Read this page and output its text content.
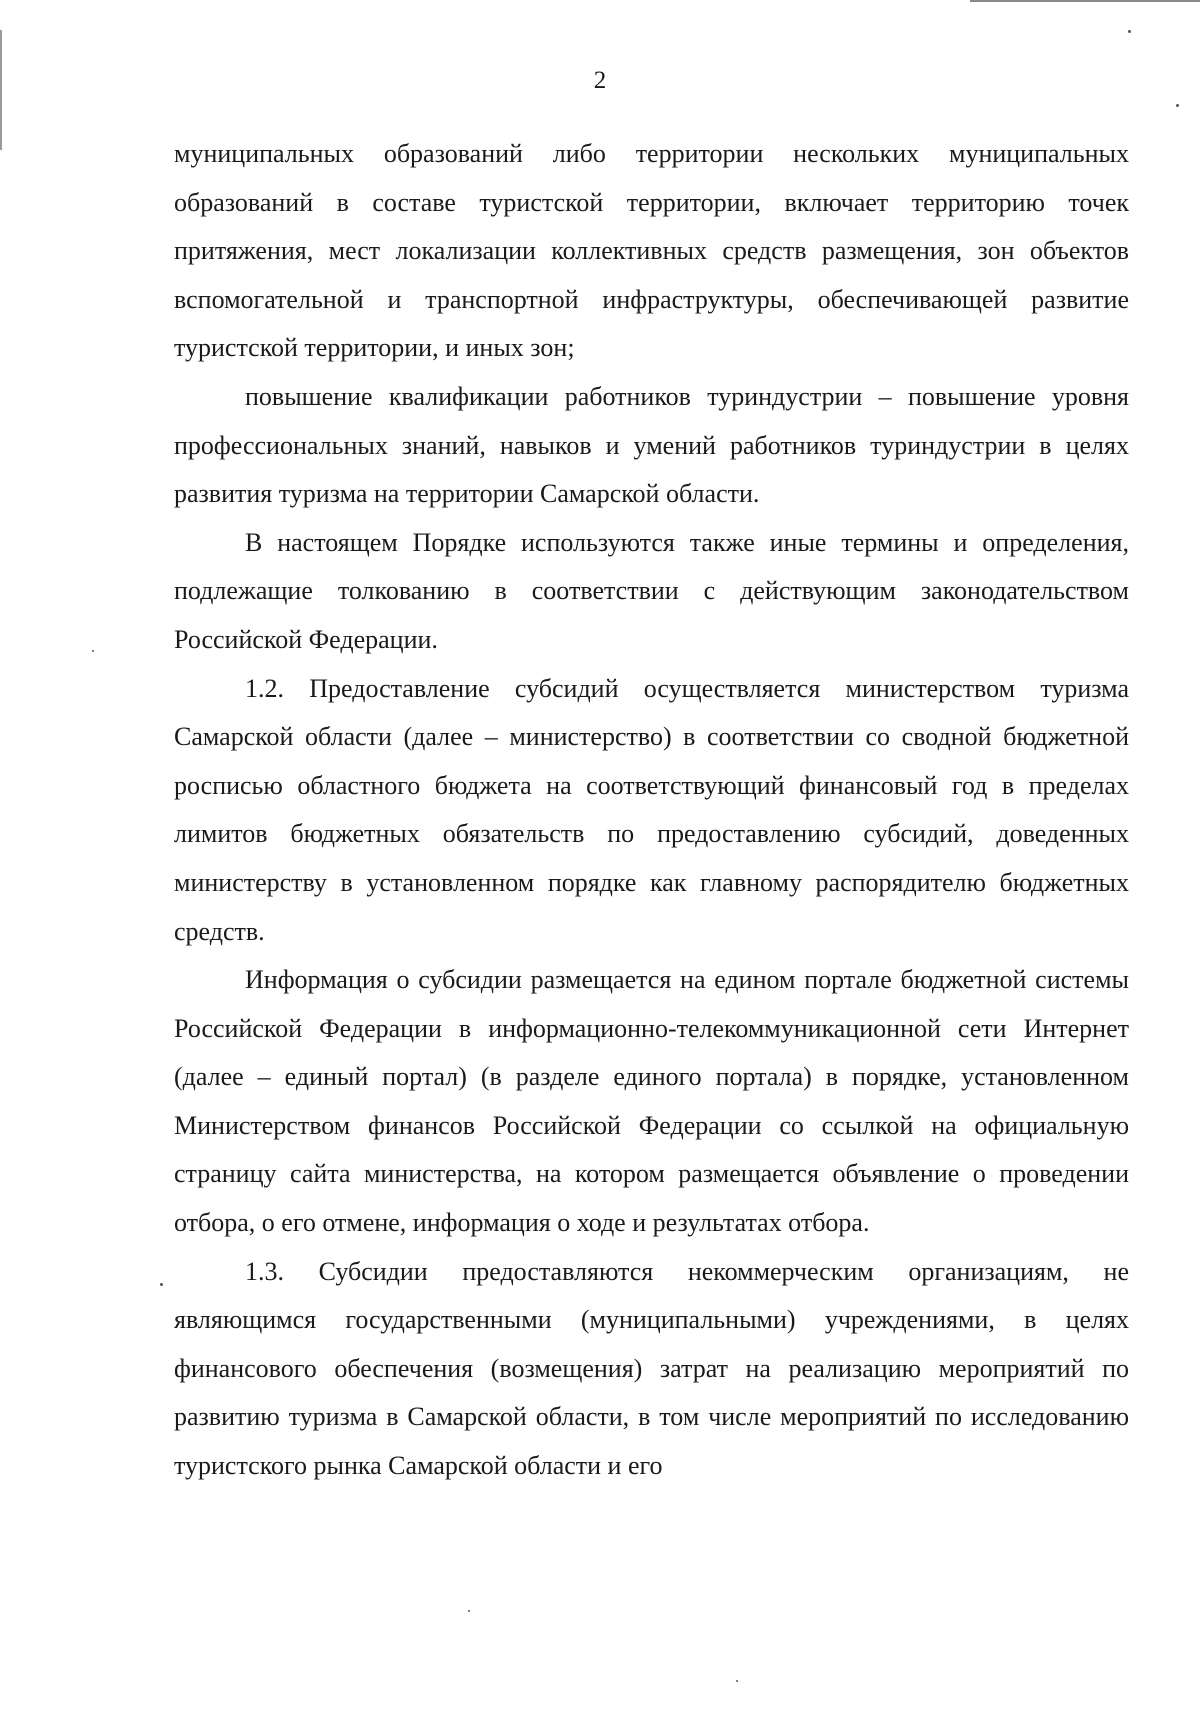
2

муниципальных образований либо территории нескольких муниципальных образований в составе туристской территории, включает территорию точек притяжения, мест локализации коллективных средств размещения, зон объектов вспомогательной и транспортной инфраструктуры, обеспечивающей развитие туристской территории, и иных зон;

повышение квалификации работников туриндустрии – повышение уровня профессиональных знаний, навыков и умений работников туриндустрии в целях развития туризма на территории Самарской области.

В настоящем Порядке используются также иные термины и определения, подлежащие толкованию в соответствии с действующим законодательством Российской Федерации.

1.2. Предоставление субсидий осуществляется министерством туризма Самарской области (далее – министерство) в соответствии со сводной бюджетной росписью областного бюджета на соответствующий финансовый год в пределах лимитов бюджетных обязательств по предоставлению субсидий, доведенных министерству в установленном порядке как главному распорядителю бюджетных средств.

Информация о субсидии размещается на едином портале бюджетной системы Российской Федерации в информационно-телекоммуникационной сети Интернет (далее – единый портал) (в разделе единого портала) в порядке, установленном Министерством финансов Российской Федерации со ссылкой на официальную страницу сайта министерства, на котором размещается объявление о проведении отбора, о его отмене, информация о ходе и результатах отбора.

1.3. Субсидии предоставляются некоммерческим организациям, не являющимся государственными (муниципальными) учреждениями, в целях финансового обеспечения (возмещения) затрат на реализацию мероприятий по развитию туризма в Самарской области, в том числе мероприятий по исследованию туристского рынка Самарской области и его
